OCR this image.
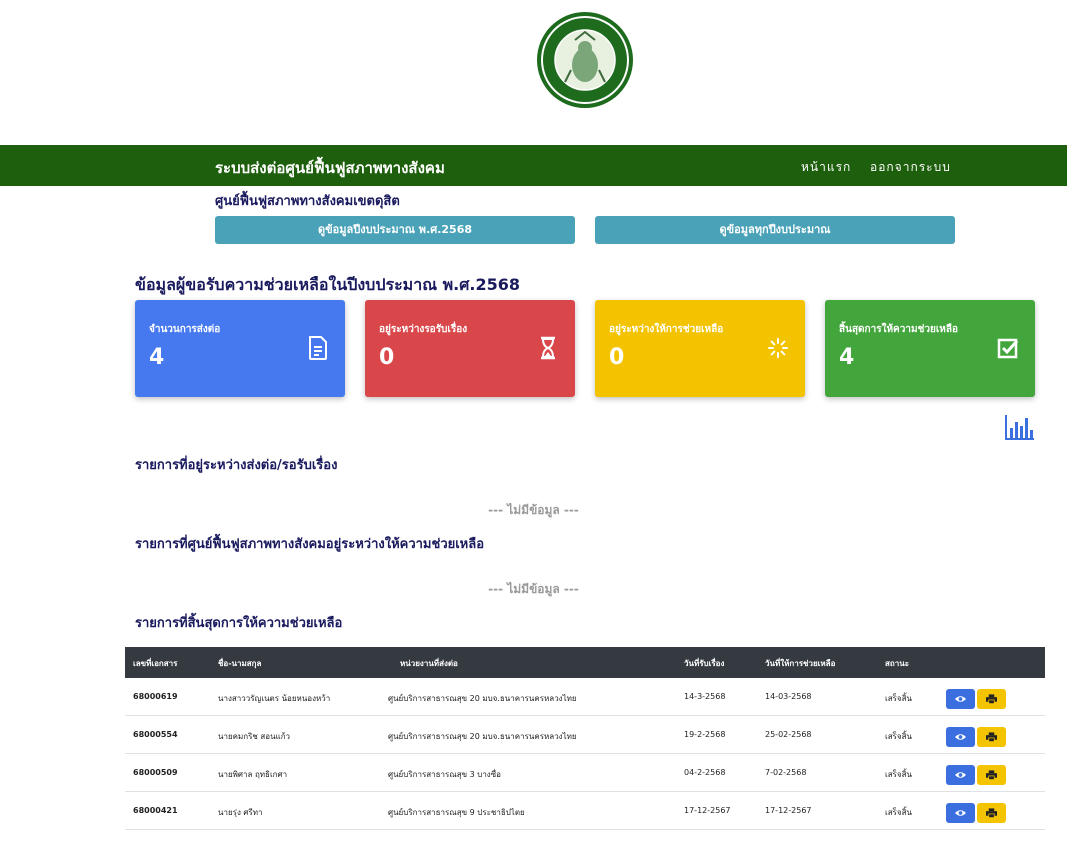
ระบบส่งต่อศูนย์ฟื้นฟูสภาพทางสังคม	หน้าแรก ออกจากระบบ
ศูนย์ฟื้นฟูสภาพทางสังคมเขตดุสิต
ดูข้อมูลปีงบประมาณ พ.ศ.2568	ดูข้อมูลทุกปีงบประมาณ
ข้อมูลผู้ขอรับความช่วยเหลือในปีงบประมาณ พ.ศ.2568
จำนวนการส่งต่อ
4
อยู่ระหว่างรอรับเรื่อง
0
อยู่ระหว่างให้การช่วยเหลือ
0
สิ้นสุดการให้ความช่วยเหลือ
4
รายการที่อยู่ระหว่างส่งต่อ/รอรับเรื่อง
--- ไม่มีข้อมูล ---
รายการที่ศูนย์ฟื้นฟูสภาพทางสังคมอยู่ระหว่างให้ความช่วยเหลือ
--- ไม่มีข้อมูล ---
รายการที่สิ้นสุดการให้ความช่วยเหลือ
เลขที่เอกสาร	ชื่อ-นามสกุล	หน่วยงานที่ส่งต่อ	วันที่รับเรื่อง	วันที่ให้การช่วยเหลือ	สถานะ
68000619	นางสาววรัญเนตร น้อยหนองหว้า	ศูนย์บริการสาธารณสุข 20 มบจ.ธนาคารนครหลวงไทย	14-3-2568	14-03-2568	เสร็จสิ้น
68000554	นายคมกริช สอนแก้ว	ศูนย์บริการสาธารณสุข 20 มบจ.ธนาคารนครหลวงไทย	19-2-2568	25-02-2568	เสร็จสิ้น
68000509	นายพิศาล ฤทธิเกศา	ศูนย์บริการสาธารณสุข 3 บางซื่อ	04-2-2568	7-02-2568	เสร็จสิ้น
68000421	นายรุ่ง ศรีทา	ศูนย์บริการสาธารณสุข 9 ประชาธิปไตย	17-12-2567	17-12-2567	เสร็จสิ้น
